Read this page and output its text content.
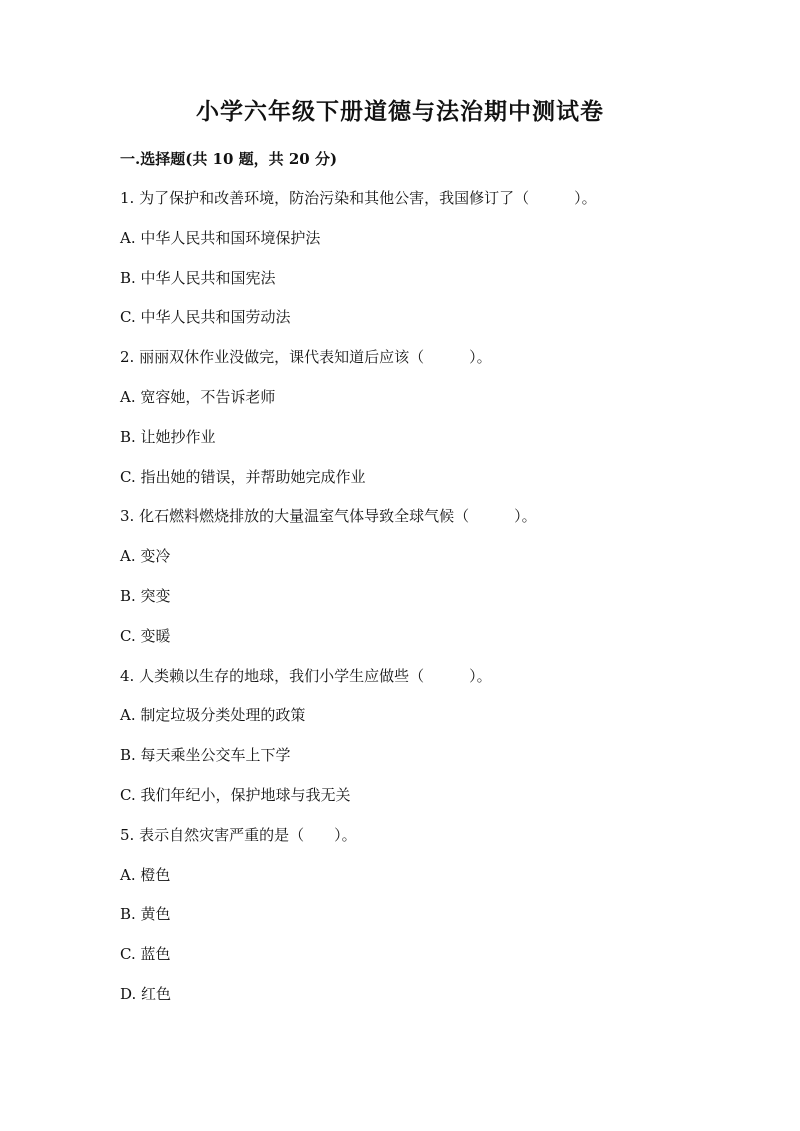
小学六年级下册道德与法治期中测试卷
一.选择题(共 10 题，共 20 分)
1. 为了保护和改善环境，防治污染和其他公害，我国修订了（　　　）。
A. 中华人民共和国环境保护法
B. 中华人民共和国宪法
C. 中华人民共和国劳动法
2. 丽丽双休作业没做完，课代表知道后应该（　　　）。
A. 宽容她，不告诉老师
B. 让她抄作业
C. 指出她的错误，并帮助她完成作业
3. 化石燃料燃烧排放的大量温室气体导致全球气候（　　　）。
A. 变冷
B. 突变
C. 变暖
4. 人类赖以生存的地球，我们小学生应做些（　　　）。
A. 制定垃圾分类处理的政策
B. 每天乘坐公交车上下学
C. 我们年纪小，保护地球与我无关
5. 表示自然灾害严重的是（　　）。
A. 橙色
B. 黄色
C. 蓝色
D. 红色
